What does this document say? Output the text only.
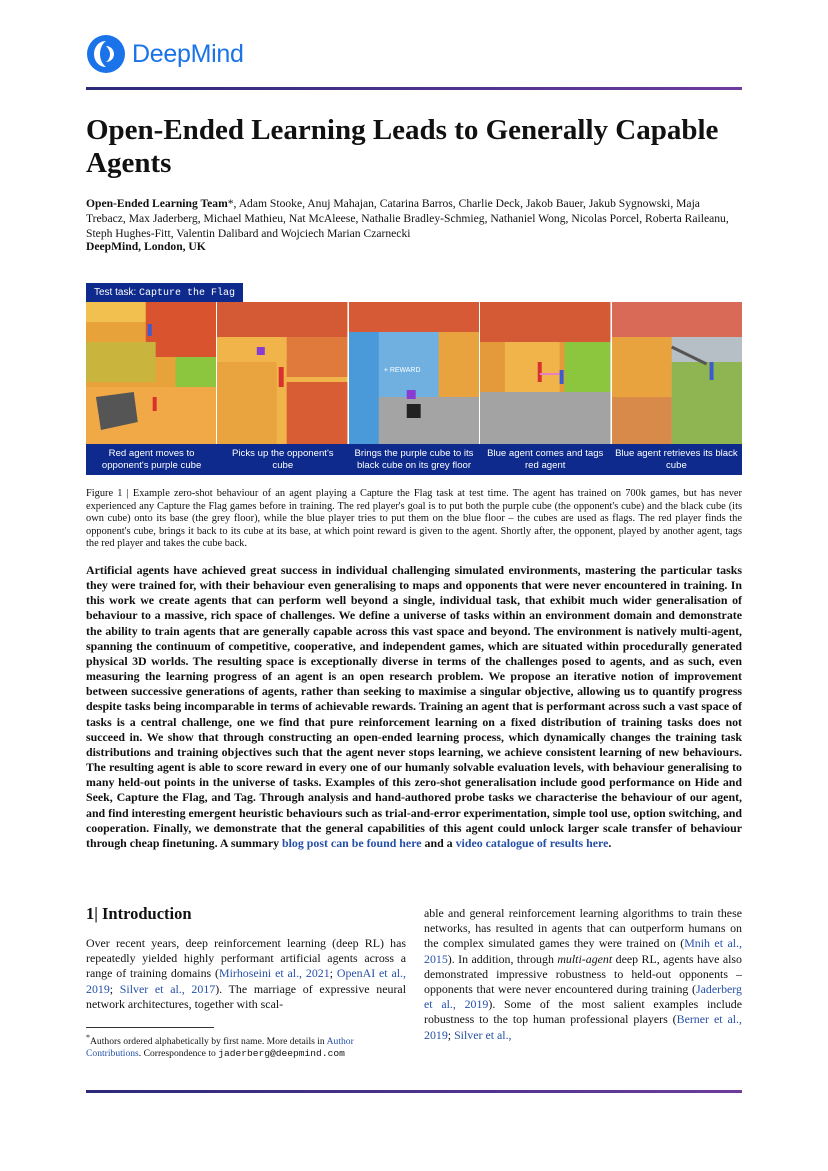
DeepMind
Open-Ended Learning Leads to Generally Capable Agents
Open-Ended Learning Team*, Adam Stooke, Anuj Mahajan, Catarina Barros, Charlie Deck, Jakob Bauer, Jakub Sygnowski, Maja Trebacz, Max Jaderberg, Michael Mathieu, Nat McAleese, Nathalie Bradley-Schmieg, Nathaniel Wong, Nicolas Porcel, Roberta Raileanu, Steph Hughes-Fitt, Valentin Dalibard and Wojciech Marian Czarnecki
DeepMind, London, UK
Test task: Capture the Flag
+ REWARD
Red agent moves to opponent's purple cube
Picks up the opponent's cube
Brings the purple cube to its black cube on its grey floor
Blue agent comes and tags red agent
Blue agent retrieves its black cube
Figure 1 | Example zero-shot behaviour of an agent playing a Capture the Flag task at test time. The agent has trained on 700k games, but has never experienced any Capture the Flag games before in training. The red player's goal is to put both the purple cube (the opponent's cube) and the black cube (its own cube) onto its base (the grey floor), while the blue player tries to put them on the blue floor – the cubes are used as flags. The red player finds the opponent's cube, brings it back to its cube at its base, at which point reward is given to the agent. Shortly after, the opponent, played by another agent, tags the red player and takes the cube back.
Artificial agents have achieved great success in individual challenging simulated environments, mastering the particular tasks they were trained for, with their behaviour even generalising to maps and opponents that were never encountered in training. In this work we create agents that can perform well beyond a single, individual task, that exhibit much wider generalisation of behaviour to a massive, rich space of challenges. We define a universe of tasks within an environment domain and demonstrate the ability to train agents that are generally capable across this vast space and beyond. The environment is natively multi-agent, spanning the continuum of competitive, cooperative, and independent games, which are situated within procedurally generated physical 3D worlds. The resulting space is exceptionally diverse in terms of the challenges posed to agents, and as such, even measuring the learning progress of an agent is an open research problem. We propose an iterative notion of improvement between successive generations of agents, rather than seeking to maximise a singular objective, allowing us to quantify progress despite tasks being incomparable in terms of achievable rewards. Training an agent that is performant across such a vast space of tasks is a central challenge, one we find that pure reinforcement learning on a fixed distribution of training tasks does not succeed in. We show that through constructing an open-ended learning process, which dynamically changes the training task distributions and training objectives such that the agent never stops learning, we achieve consistent learning of new behaviours. The resulting agent is able to score reward in every one of our humanly solvable evaluation levels, with behaviour generalising to many held-out points in the universe of tasks. Examples of this zero-shot generalisation include good performance on Hide and Seek, Capture the Flag, and Tag. Through analysis and hand-authored probe tasks we characterise the behaviour of our agent, and find interesting emergent heuristic behaviours such as trial-and-error experimentation, simple tool use, option switching, and cooperation. Finally, we demonstrate that the general capabilities of this agent could unlock larger scale transfer of behaviour through cheap finetuning. A summary blog post can be found here and a video catalogue of results here.
1| Introduction
Over recent years, deep reinforcement learning (deep RL) has repeatedly yielded highly performant artificial agents across a range of training domains (Mirhoseini et al., 2021; OpenAI et al., 2019; Silver et al., 2017). The marriage of expressive neural network architectures, together with scal-
able and general reinforcement learning algorithms to train these networks, has resulted in agents that can outperform humans on the complex simulated games they were trained on (Mnih et al., 2015). In addition, through multi-agent deep RL, agents have also demonstrated impressive robustness to held-out opponents – opponents that were never encountered during training (Jaderberg et al., 2019). Some of the most salient examples include robustness to the top human professional players (Berner et al., 2019; Silver et al.,
*Authors ordered alphabetically by first name. More details in Author Contributions. Correspondence to jaderberg@deepmind.com
